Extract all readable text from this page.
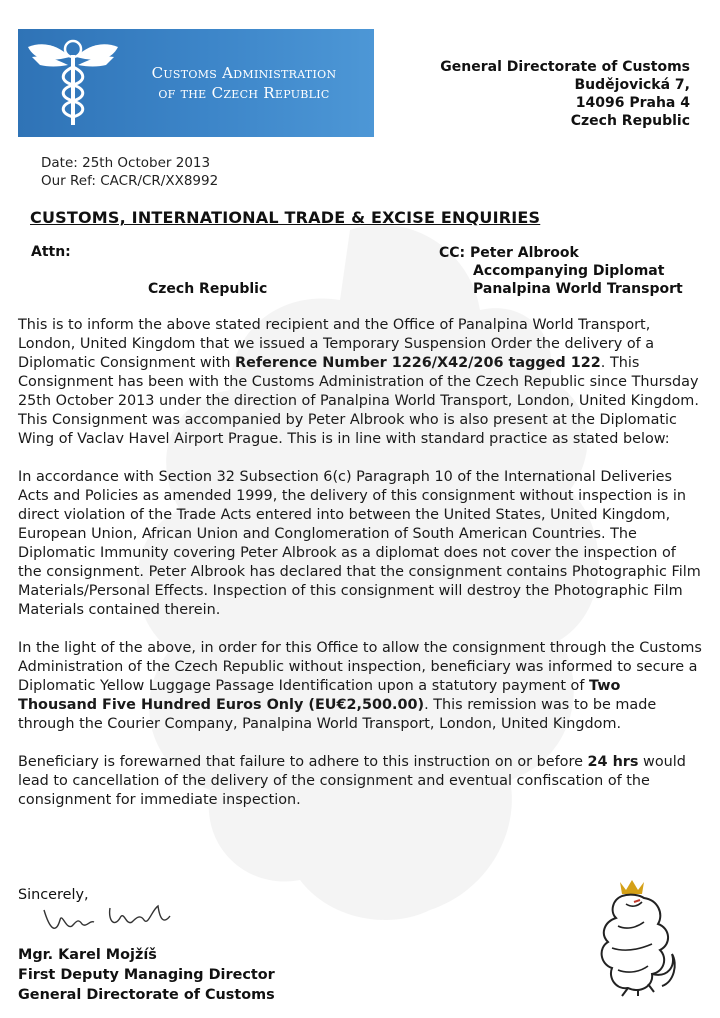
Customs Administration
of the Czech Republic
General Directorate of Customs
Budějovická 7,
14096 Praha 4
Czech Republic
Date: 25th October 2013
Our Ref: CACR/CR/XX8992
CUSTOMS, INTERNATIONAL TRADE & EXCISE ENQUIRIES
Attn:
Czech Republic
CC: Peter Albrook
Accompanying Diplomat
Panalpina World Transport

This is to inform the above stated recipient and the Office of Panalpina World Transport, London, United Kingdom that we issued a Temporary Suspension Order the delivery of a Diplomatic Consignment with Reference Number 1226/X42/206 tagged 122. This Consignment has been with the Customs Administration of the Czech Republic since Thursday 25th October 2013 under the direction of Panalpina World Transport, London, United Kingdom. This Consignment was accompanied by Peter Albrook who is also present at the Diplomatic Wing of Vaclav Havel Airport Prague. This is in line with standard practice as stated below:

In accordance with Section 32 Subsection 6(c) Paragraph 10 of the International Deliveries Acts and Policies as amended 1999, the delivery of this consignment without inspection is in direct violation of the Trade Acts entered into between the United States, United Kingdom, European Union, African Union and Conglomeration of South American Countries. The Diplomatic Immunity covering Peter Albrook as a diplomat does not cover the inspection of the consignment. Peter Albrook has declared that the consignment contains Photographic Film Materials/Personal Effects. Inspection of this consignment will destroy the Photographic Film Materials contained therein.

In the light of the above, in order for this Office to allow the consignment through the Customs Administration of the Czech Republic without inspection, beneficiary was informed to secure a Diplomatic Yellow Luggage Passage Identification upon a statutory payment of Two Thousand Five Hundred Euros Only (EU€2,500.00). This remission was to be made through the Courier Company, Panalpina World Transport, London, United Kingdom.

Beneficiary is forewarned that failure to adhere to this instruction on or before 24 hrs would lead to cancellation of the delivery of the consignment and eventual confiscation of the consignment for immediate inspection.

Sincerely,
Mgr. Karel Mojžíš
First Deputy Managing Director
General Directorate of Customs
